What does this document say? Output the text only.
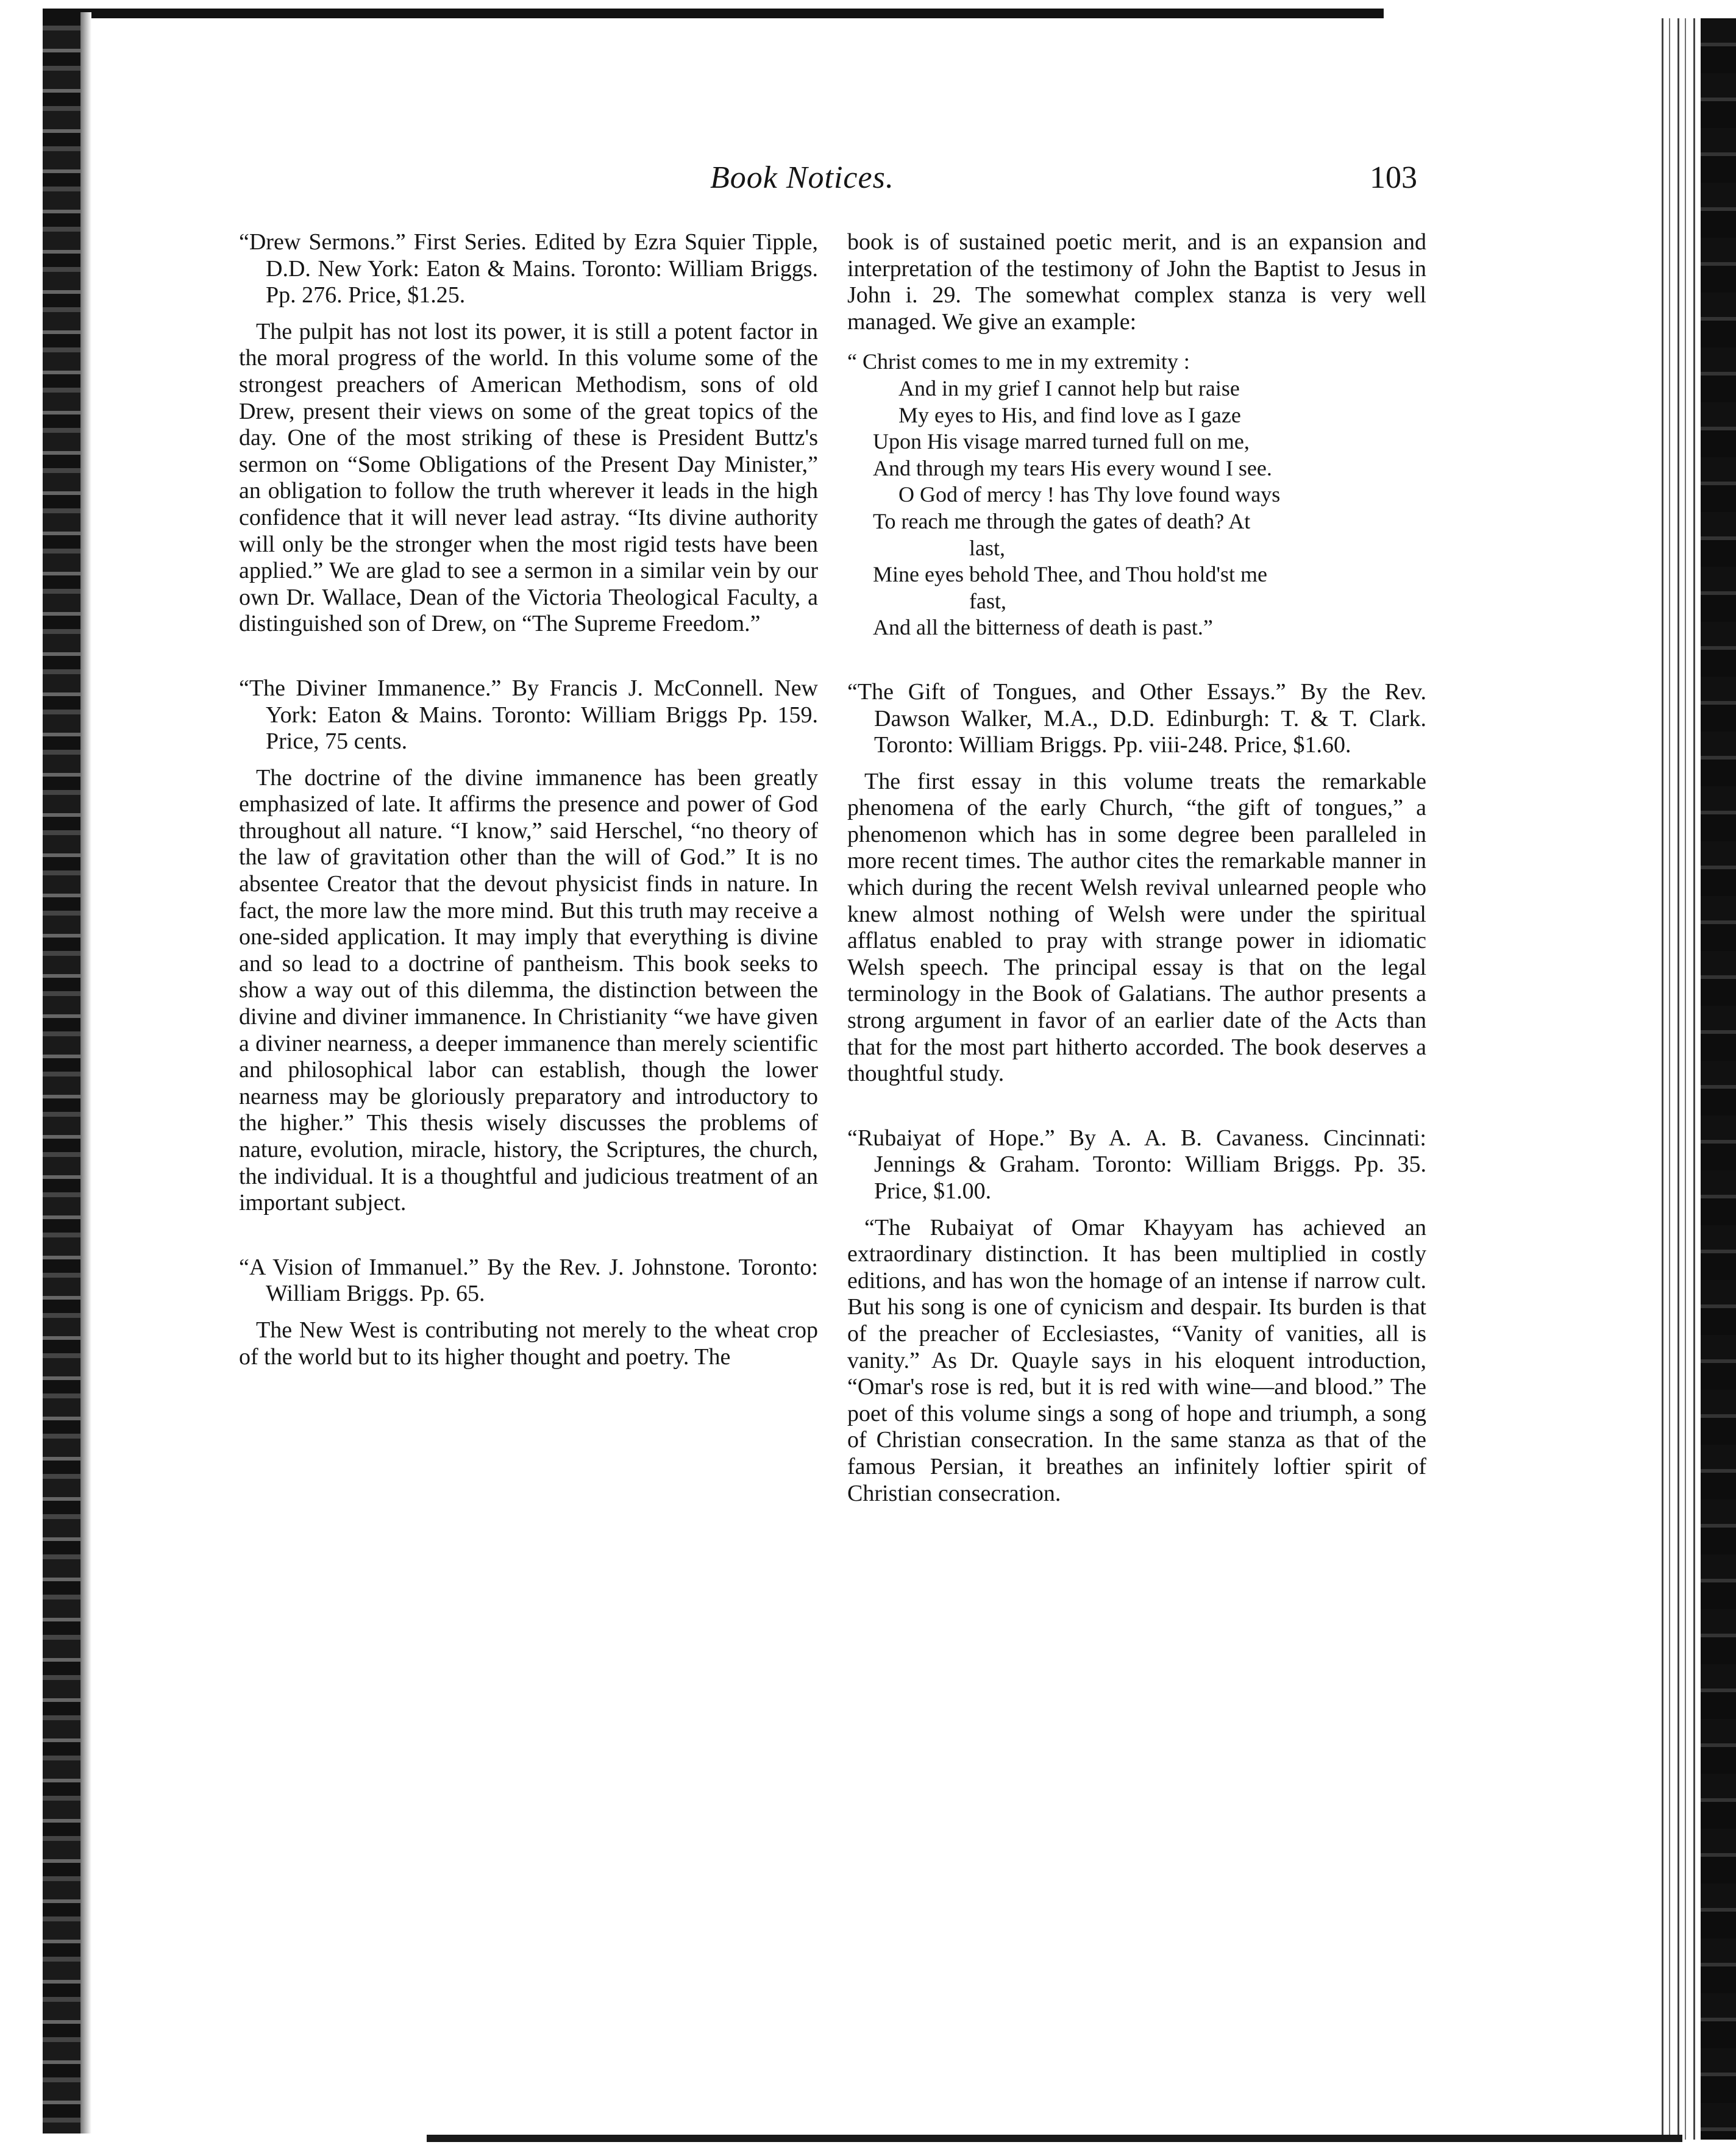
Book Notices.	103

“Drew Sermons.” First Series. Edited by Ezra Squier Tipple, D.D. New York: Eaton & Mains. Toronto: William Briggs. Pp. 276. Price, $1.25.

The pulpit has not lost its power, it is still a potent factor in the moral progress of the world. In this volume some of the strongest preachers of American Methodism, sons of old Drew, present their views on some of the great topics of the day. One of the most striking of these is President Buttz's sermon on “Some Obligations of the Present Day Minister,” an obligation to follow the truth wherever it leads in the high confidence that it will never lead astray. “Its divine authority will only be the stronger when the most rigid tests have been applied.” We are glad to see a sermon in a similar vein by our own Dr. Wallace, Dean of the Victoria Theological Faculty, a distinguished son of Drew, on “The Supreme Freedom.”

“The Diviner Immanence.” By Francis J. McConnell. New York: Eaton & Mains. Toronto: William Briggs Pp. 159. Price, 75 cents.

The doctrine of the divine immanence has been greatly emphasized of late. It affirms the presence and power of God throughout all nature. “I know,” said Herschel, “no theory of the law of gravitation other than the will of God.” It is no absentee Creator that the devout physicist finds in nature. In fact, the more law the more mind. But this truth may receive a one-sided application. It may imply that everything is divine and so lead to a doctrine of pantheism. This book seeks to show a way out of this dilemma, the distinction between the divine and diviner immanence. In Christianity “we have given a diviner nearness, a deeper immanence than merely scientific and philosophical labor can establish, though the lower nearness may be gloriously preparatory and introductory to the higher.” This thesis wisely discusses the problems of nature, evolution, miracle, history, the Scriptures, the church, the individual. It is a thoughtful and judicious treatment of an important subject.

“A Vision of Immanuel.” By the Rev. J. Johnstone. Toronto: William Briggs. Pp. 65.

The New West is contributing not merely to the wheat crop of the world but to its higher thought and poetry. The

book is of sustained poetic merit, and is an expansion and interpretation of the testimony of John the Baptist to Jesus in John i. 29. The somewhat complex stanza is very well managed. We give an example:

“ Christ comes to me in my extremity :
And in my grief I cannot help but raise
My eyes to His, and find love as I gaze
Upon His visage marred turned full on me,
And through my tears His every wound I see.
O God of mercy ! has Thy love found ways
To reach me through the gates of death? At
last,
Mine eyes behold Thee, and Thou hold'st me
fast,
And all the bitterness of death is past.”

“The Gift of Tongues, and Other Essays.” By the Rev. Dawson Walker, M.A., D.D. Edinburgh: T. & T. Clark. Toronto: William Briggs. Pp. viii-248. Price, $1.60.

The first essay in this volume treats the remarkable phenomena of the early Church, “the gift of tongues,” a phenomenon which has in some degree been paralleled in more recent times. The author cites the remarkable manner in which during the recent Welsh revival unlearned people who knew almost nothing of Welsh were under the spiritual afflatus enabled to pray with strange power in idiomatic Welsh speech. The principal essay is that on the legal terminology in the Book of Galatians. The author presents a strong argument in favor of an earlier date of the Acts than that for the most part hitherto accorded. The book deserves a thoughtful study.

“Rubaiyat of Hope.” By A. A. B. Cavaness. Cincinnati: Jennings & Graham. Toronto: William Briggs. Pp. 35. Price, $1.00.

“The Rubaiyat of Omar Khayyam has achieved an extraordinary distinction. It has been multiplied in costly editions, and has won the homage of an intense if narrow cult. But his song is one of cynicism and despair. Its burden is that of the preacher of Ecclesiastes, “Vanity of vanities, all is vanity.” As Dr. Quayle says in his eloquent introduction, “Omar's rose is red, but it is red with wine—and blood.” The poet of this volume sings a song of hope and triumph, a song of Christian consecration. In the same stanza as that of the famous Persian, it breathes an infinitely loftier spirit of Christian consecration.
